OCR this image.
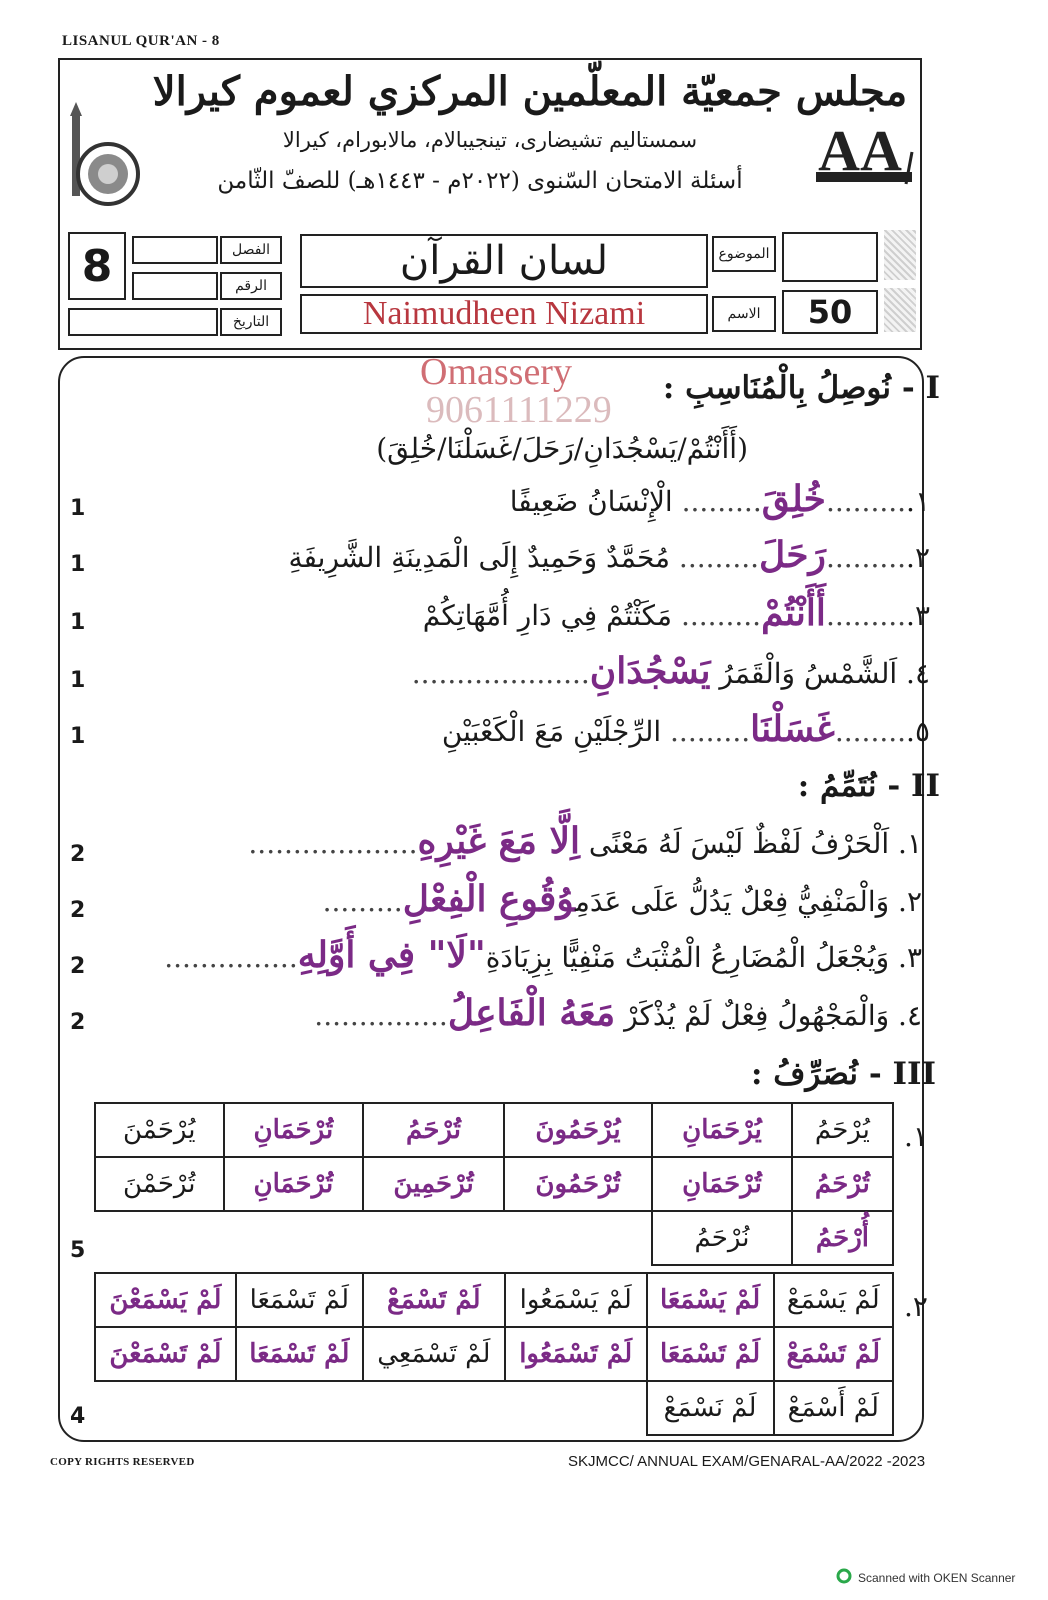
LISANUL QUR'AN - 8
مجلس جمعيّة المعلّمين المركزي لعموم كيرالا
سمستاليم تشيضارى، تينجيبالام، مالابورام، كيرالا
أسئلة الامتحان السّنوى (٢٠٢٢م - ١٤٤٣هـ) للصفّ الثّامن	AA
8	الفصل
الرقم
التاريخ
لسان القرآن	الموضوع
Naimudheen Nizami	الاسم	50
Omassery
9061111229
I - نُوصِلُ بِالْمُنَاسِبِ :
(أَأَنْتُمْ/يَسْجُدَانِ/رَحَلَ/غَسَلْنَا/خُلِقَ)
١..........خُلِقَ......... الْإِنْسَانُ ضَعِيفًا
1
٢..........رَحَلَ......... مُحَمَّدٌ وَحَمِيدٌ إِلَى الْمَدِينَةِ الشَّرِيفَةِ
1
٣..........أَأَنْتُمْ......... مَكَثْتُمْ فِي دَارِ أُمَّهَاتِكُمْ
1
٤. اَلشَّمْسُ وَالْقَمَرُ يَسْجُدَانِ....................
1
٥.........غَسَلْنَا......... الرِّجْلَيْنِ مَعَ الْكَعْبَيْنِ
1
II - نُتَمِّمُ :
١. اَلْحَرْفُ لَفْظٌ لَيْسَ لَهُ مَعْنًى اِلَّا مَعَ غَيْرِهِ...................
2
٢. وَالْمَنْفِيُّ فِعْلٌ يَدُلُّ عَلَى عَدَمِوُقُوعِ الْفِعْلِ.........
2
٣. وَيُجْعَلُ الْمُضَارِعُ الْمُثْبَتُ مَنْفِيًّا بِزِيَادَةِ"لَا" فِي أَوَّلِهِ...............
2
٤. وَالْمَجْهُولُ فِعْلٌ لَمْ يُذْكَرْ مَعَهُ الْفَاعِلُ...............
2
III - نُصَرِّفُ :
١.
يُرْحَمُ	يُرْحَمَانِ	يُرْحَمُونَ	تُرْحَمُ	تُرْحَمَانِ	يُرْحَمْنَ
تُرْحَمُ	تُرْحَمَانِ	تُرْحَمُونَ	تُرْحَمِينَ	تُرْحَمَانِ	تُرْحَمْنَ
أُرْحَمُ	نُرْحَمُ				
5
٢.
لَمْ يَسْمَعْ	لَمْ يَسْمَعَا	لَمْ يَسْمَعُوا	لَمْ تَسْمَعْ	لَمْ تَسْمَعَا	لَمْ يَسْمَعْنَ
لَمْ تَسْمَعْ	لَمْ تَسْمَعَا	لَمْ تَسْمَعُوا	لَمْ تَسْمَعِي	لَمْ تَسْمَعَا	لَمْ تَسْمَعْنَ
لَمْ أَسْمَعْ	لَمْ نَسْمَعْ				
4
COPY RIGHTS RESERVED	SKJMCC/ ANNUAL EXAM/GENARAL-AA/2022 -2023
Scanned with OKEN Scanner
